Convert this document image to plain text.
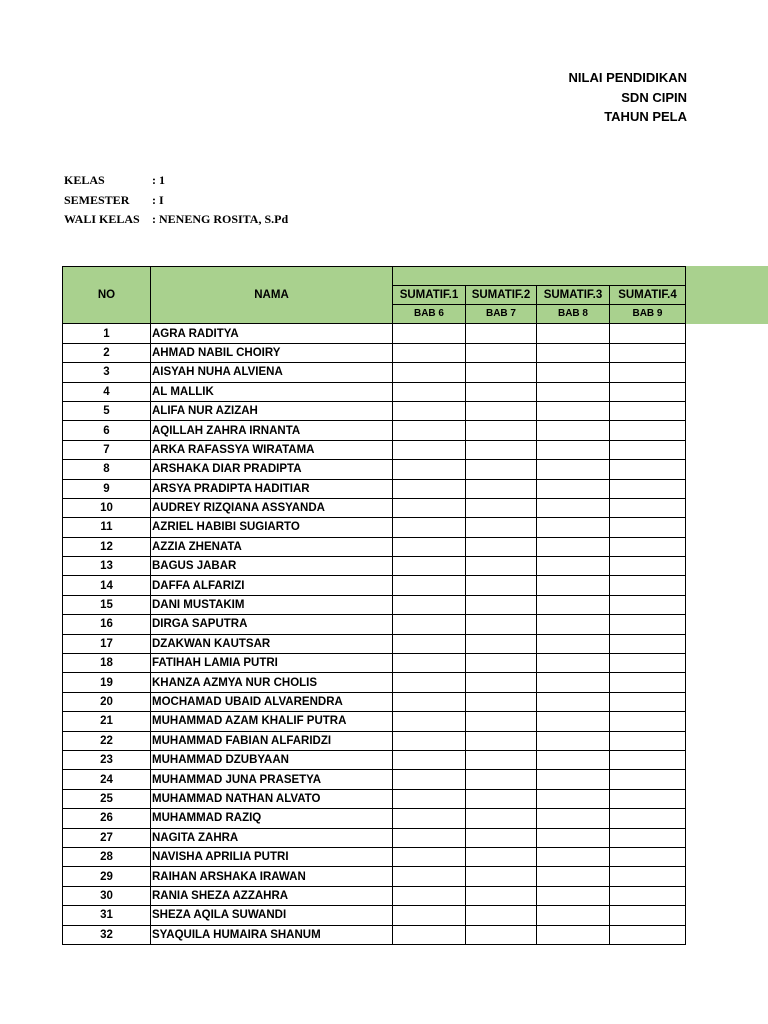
NILAI PENDIDIKAN
SDN CIPIN
TAHUN PELA
KELAS	: 1
SEMESTER : I
WALI KELAS : NENENG ROSITA, S.Pd
NO	NAMA				
		SUMATIF.1	SUMATIF.2	SUMATIF.3	SUMATIF.4
		BAB 6	BAB 7	BAB 8	BAB 9
1	AGRA RADITYA				
2	AHMAD NABIL CHOIRY				
3	AISYAH NUHA ALVIENA				
4	AL MALLIK				
5	ALIFA NUR AZIZAH				
6	AQILLAH ZAHRA IRNANTA				
7	ARKA RAFASSYA WIRATAMA				
8	ARSHAKA DIAR PRADIPTA				
9	ARSYA PRADIPTA HADITIAR				
10	AUDREY RIZQIANA ASSYANDA				
11	AZRIEL HABIBI SUGIARTO				
12	AZZIA ZHENATA				
13	BAGUS JABAR				
14	DAFFA ALFARIZI				
15	DANI MUSTAKIM				
16	DIRGA SAPUTRA				
17	DZAKWAN KAUTSAR				
18	FATIHAH LAMIA PUTRI				
19	KHANZA AZMYA NUR CHOLIS				
20	MOCHAMAD UBAID ALVARENDRA				
21	MUHAMMAD AZAM KHALIF PUTRA				
22	MUHAMMAD FABIAN ALFARIDZI				
23	MUHAMMAD DZUBYAAN				
24	MUHAMMAD JUNA PRASETYA				
25	MUHAMMAD NATHAN ALVATO				
26	MUHAMMAD RAZIQ				
27	NAGITA ZAHRA				
28	NAVISHA APRILIA PUTRI				
29	RAIHAN ARSHAKA IRAWAN				
30	RANIA SHEZA AZZAHRA				
31	SHEZA AQILA SUWANDI				
32	SYAQUILA HUMAIRA SHANUM				
